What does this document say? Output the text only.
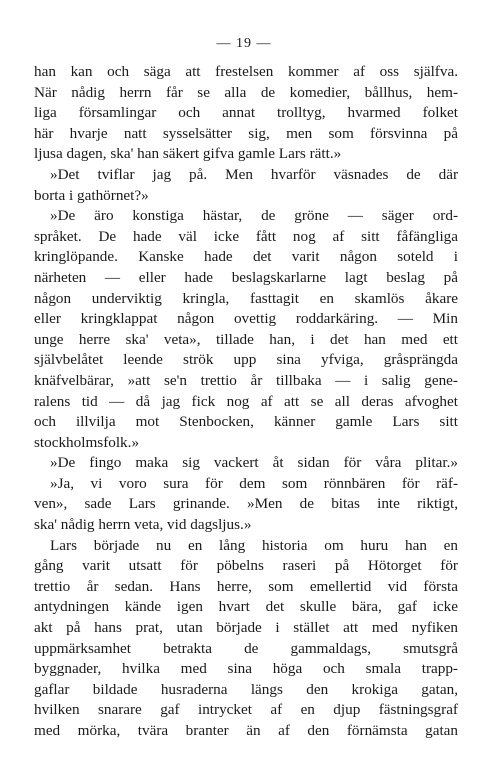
— 19 —
han kan och säga att frestelsen kommer af oss själfva.
När nådig herrn får se alla de komedier, bållhus, hem-
liga församlingar och annat trolltyg, hvarmed folket
här hvarje natt sysselsätter sig, men som försvinna på
ljusa dagen, ska' han säkert gifva gamle Lars rätt.»
»Det tviflar jag på. Men hvarför väsnades de där
borta i gathörnet?»
»De äro konstiga hästar, de gröne — säger ord-
språket. De hade väl icke fått nog af sitt fåfängliga
kringlöpande. Kanske hade det varit någon soteld i
närheten — eller hade beslagskarlarne lagt beslag på
någon underviktig kringla, fasttagit en skamlös åkare
eller kringklappat någon ovettig roddarkäring. — Min
unge herre ska' veta», tillade han, i det han med ett
självbelåtet leende strök upp sina yfviga, gråsprängda
knäfvelbärar, »att se'n trettio år tillbaka — i salig gene-
ralens tid — då jag fick nog af att se all deras afvoghet
och illvilja mot Stenbocken, känner gamle Lars sitt
stockholmsfolk.»
»De fingo maka sig vackert åt sidan för våra plitar.»
»Ja, vi voro sura för dem som rönnbären för räf-
ven», sade Lars grinande. »Men de bitas inte riktigt,
ska' nådig herrn veta, vid dagsljus.»
Lars började nu en lång historia om huru han en
gång varit utsatt för pöbelns raseri på Hötorget för
trettio år sedan. Hans herre, som emellertid vid första
antydningen kände igen hvart det skulle bära, gaf icke
akt på hans prat, utan började i stället att med nyfiken
uppmärksamhet betrakta de gammaldags, smutsgrå
byggnader, hvilka med sina höga och smala trapp-
gaflar bildade husraderna längs den krokiga gatan,
hvilken snarare gaf intrycket af en djup fästningsgraf
med mörka, tvära branter än af den förnämsta gatan
